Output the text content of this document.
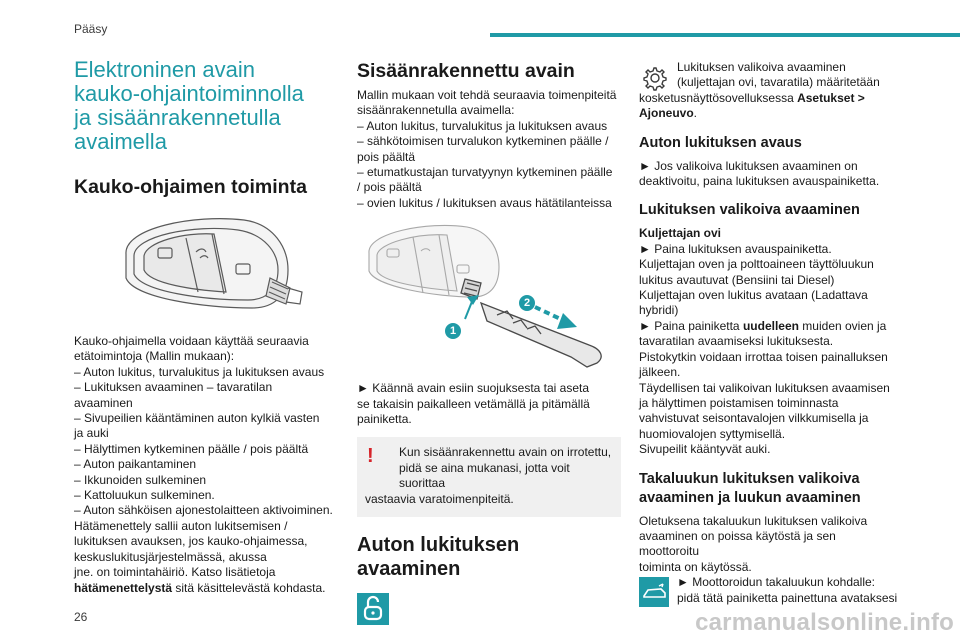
Pääsy
Elektroninen avain
kauko-ohjaintoiminnolla
ja sisäänrakennetulla
avaimella
Kauko-ohjaimen toiminta
Kauko-ohjaimella voidaan käyttää seuraavia
etätoimintoja (Mallin mukaan):
– Auton lukitus, turvalukitus ja lukituksen avaus
– Lukituksen avaaminen – tavaratilan
avaaminen
– Sivupeilien kääntäminen auton kylkiä vasten
ja auki
– Hälyttimen kytkeminen päälle / pois päältä
– Auton paikantaminen
– Ikkunoiden sulkeminen
– Kattoluukun sulkeminen.
– Auton sähköisen ajonestolaitteen aktivoiminen.
Hätämenettely sallii auton lukitsemisen /
lukituksen avauksen, jos kauko-ohjaimessa,
keskuslukitusjärjestelmässä, akussa
jne. on toimintahäiriö. Katso lisätietoja
hätämenettelystä sitä käsittelevästä kohdasta.
Sisäänrakennettu avain
Mallin mukaan voit tehdä seuraavia toimenpiteitä
sisäänrakennetulla avaimella:
– Auton lukitus, turvalukitus ja lukituksen avaus
– sähkötoimisen turvalukon kytkeminen päälle /
pois päältä
– etumatkustajan turvatyynyn kytkeminen päälle
/ pois päältä
– ovien lukitus / lukituksen avaus hätätilanteissa
1
2
► Käännä avain esiin suojuksesta tai aseta
se takaisin paikalleen vetämällä ja pitämällä
painiketta.
!	Kun sisäänrakennettu avain on irrotettu,
pidä se aina mukanasi, jotta voit suorittaa
vastaavia varatoimenpiteitä.
Auton lukituksen avaaminen
Lukituksen valikoiva avaaminen
(kuljettajan ovi, tavaratila) määritetään
kosketusnäyttösovelluksessa Asetukset >
Ajoneuvo.
Auton lukituksen avaus
► Jos valikoiva lukituksen avaaminen on
deaktivoitu, paina lukituksen avauspainiketta.
Lukituksen valikoiva avaaminen
Kuljettajan ovi
► Paina lukituksen avauspainiketta.
Kuljettajan oven ja polttoaineen täyttöluukun
lukitus avautuvat (Bensiini tai Diesel)
Kuljettajan oven lukitus avataan (Ladattava
hybridi)
► Paina painiketta uudelleen muiden ovien ja
tavaratilan avaamiseksi lukituksesta.
Pistokytkin voidaan irrottaa toisen painalluksen
jälkeen.
Täydellisen tai valikoivan lukituksen avaamisen
ja hälyttimen poistamisen toiminnasta
vahvistuvat seisontavalojen vilkkumisella ja
huomiovalojen syttymisellä.
Sivupeilit kääntyvät auki.
Takaluukun lukituksen valikoiva
avaaminen ja luukun avaaminen
Oletuksena takaluukun lukituksen valikoiva
avaaminen on poissa käytöstä ja sen moottoroitu
toiminta on käytössä.
► Moottoroidun takaluukun kohdalle:
pidä tätä painiketta painettuna avataksesi
26	carmanualsonline.info
